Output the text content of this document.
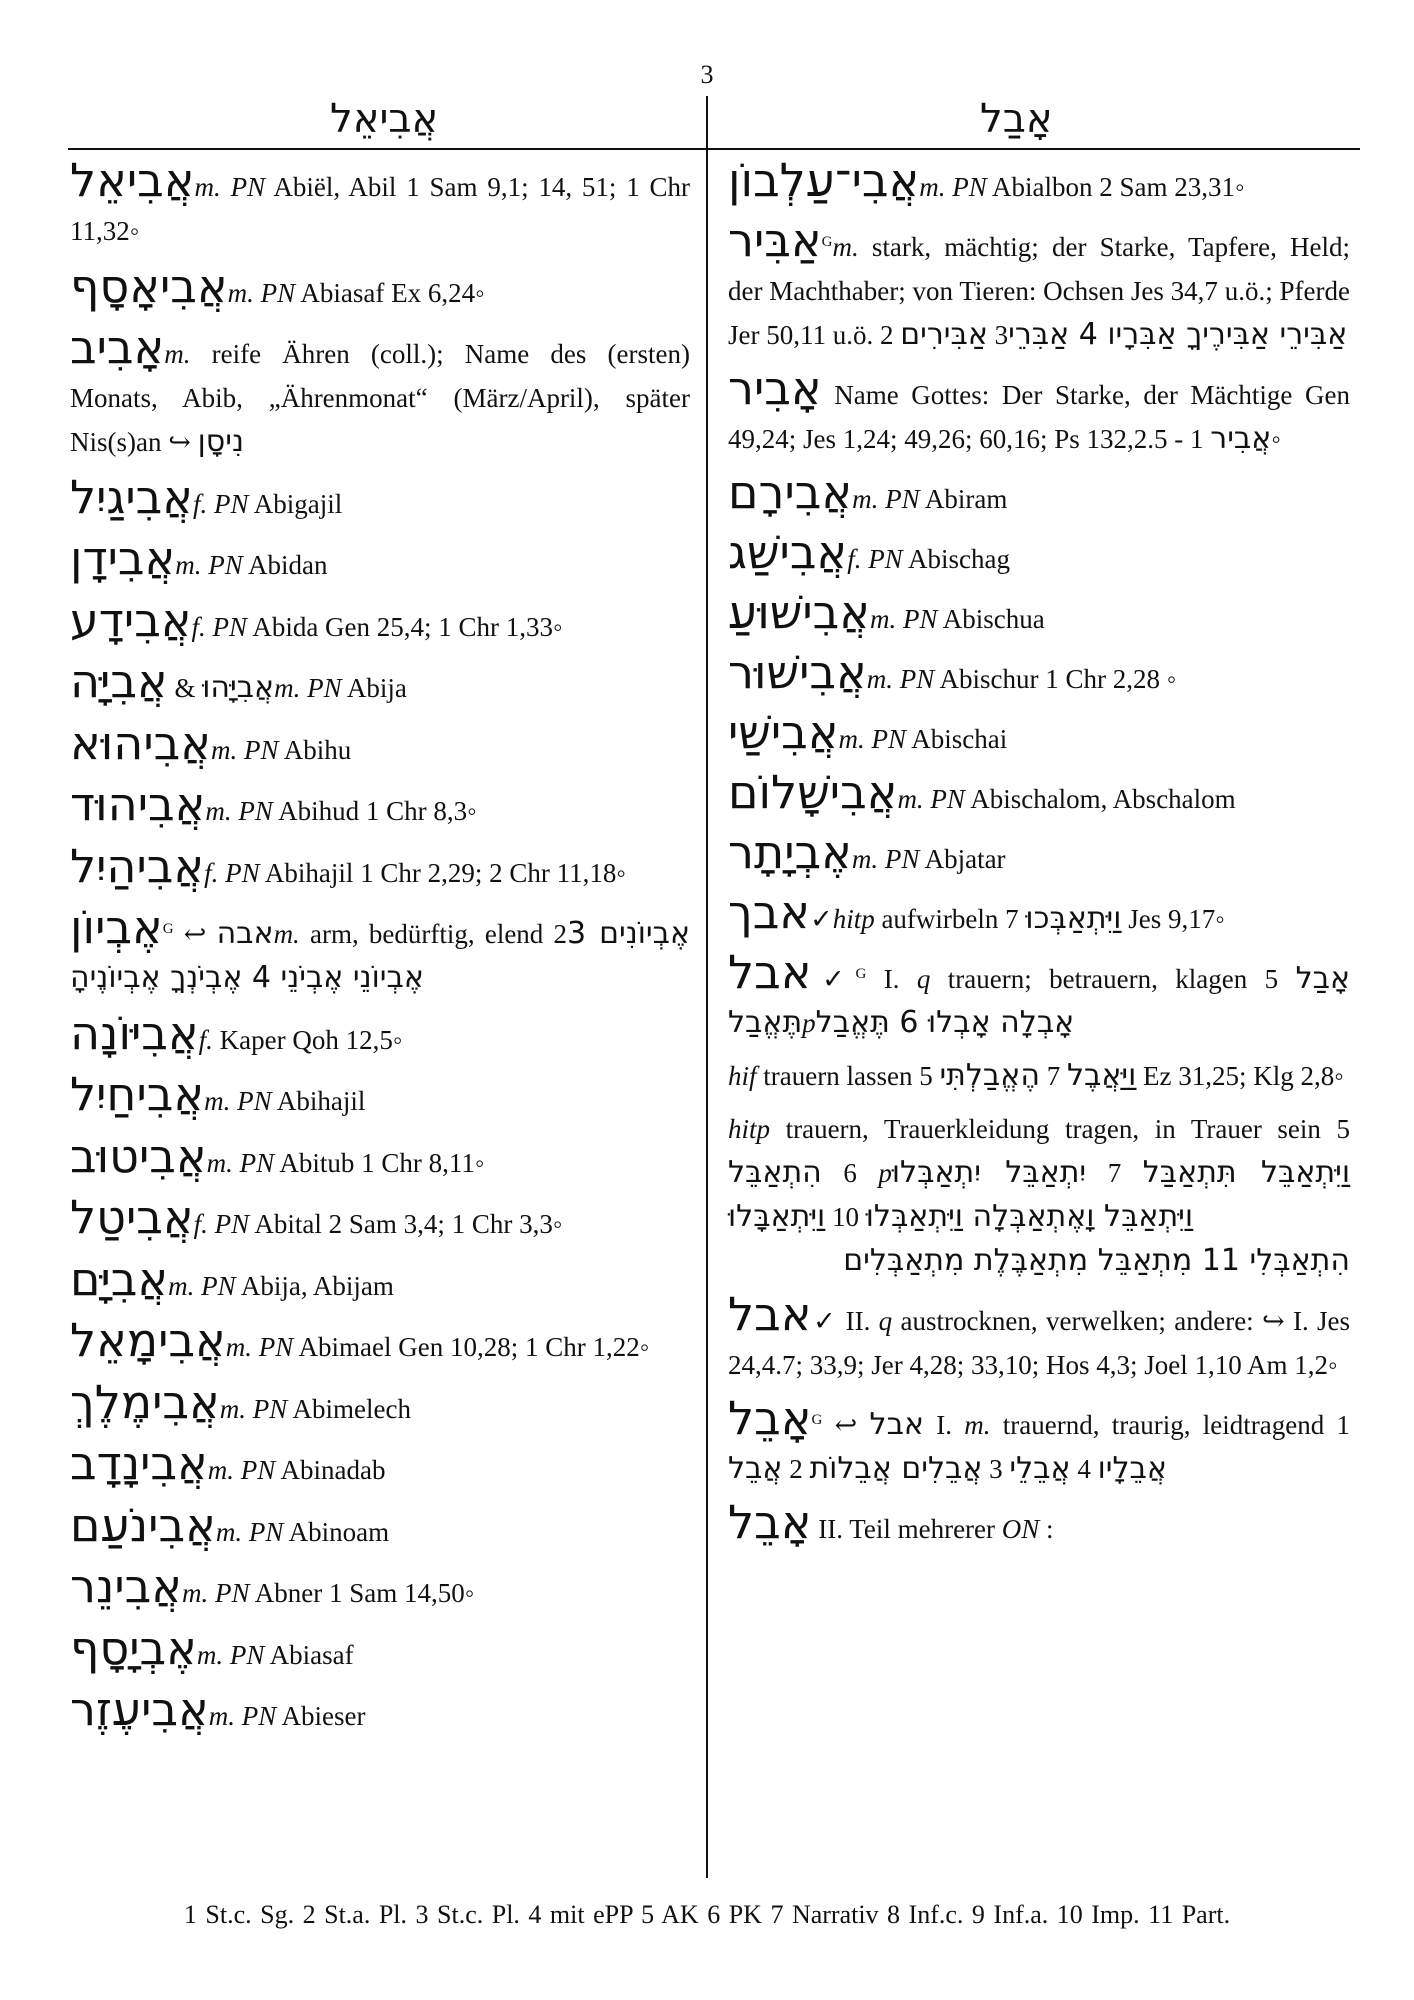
3
אֲבִיאֵל	אָבַל
אֲבִיאֵלm. PN Abiël, Abil 1 Sam 9,1; 14, 51; 1 Chr 11,32◦
אֲבִיאָסָףm. PN Abiasaf Ex 6,24◦
אָבִיבm. reife Ähren (coll.); Name des (ersten) Monats, Abib, „Ährenmonat“ (März/April), später Nis(s)an ↪ נִיסָן
אֲבִיגַיִלf. PN Abigajil
אֲבִידָןm. PN Abidan
אֲבִידָעf. PN Abida Gen 25,4; 1 Chr 1,33◦
אֲבִיָּה & אֲבִיָּהוּm. PN Abija
אֲבִיהוּאm. PN Abihu
אֲבִיהוּדm. PN Abihud 1 Chr 8,3◦
אֲבִיהַיִלf. PN Abihajil 1 Chr 2,29; 2 Chr 11,18◦
אֶבְיוֹן$^G$ ↩ אבהm. arm, bedürftig, elend 2אֶבְיוֹנִים 3 אֶבְיוֹנֵי אֶבְיֹנֵי 4 אֶבְיֹנְךָ אֶבְיוֹנֶיהָ
אֲבִיּוֹנָהf. Kaper Qoh 12,5◦
אֲבִיחַיִלm. PN Abihajil
אֲבִיטוּבm. PN Abitub 1 Chr 8,11◦
אֲבִיטַלf. PN Abital 2 Sam 3,4; 1 Chr 3,3◦
אֲבִיָּםm. PN Abija, Abijam
אֲבִימָאֵלm. PN Abimael Gen 10,28; 1 Chr 1,22◦
אֲבִימֶלֶךְm. PN Abimelech
אֲבִינָדָבm. PN Abinadab
אֲבִינֹעַםm. PN Abinoam
אֲבִינֵרm. PN Abner 1 Sam 14,50◦
אֶבְיָסָףm. PN Abiasaf
אֲבִיעֶזֶרm. PN Abieser
אֲבִי־עַלְבוֹןm. PN Abialbon 2 Sam 23,31◦
אַבִּיר$^G$m. stark, mächtig; der Starke, Tapfere, Held; der Machthaber; von Tieren: Ochsen Jes 34,7 u.ö.; Pferde Jer 50,11 u.ö. 2 אַבִּירִים 3אַבִּירֵי אַבִּירֶיךָ אַבִּרָיו 4 אַבִּרֵי
אָבִיר Name Gottes: Der Starke, der Mächtige Gen 49,24; Jes 1,24; 49,26; 60,16; Ps 132,2.5 - 1 אֲבִיר◦
אֲבִירָםm. PN Abiram
אֲבִישַׁגf. PN Abischag
אֲבִישׁוּעַm. PN Abischua
אֲבִישׁוּרm. PN Abischur 1 Chr 2,28 ◦
אֲבִישַׁיm. PN Abischai
אֲבִישָׁלוֹםm. PN Abischalom, Abschalom
אֶבְיָתָרm. PN Abjatar
אבך✓hitp aufwirbeln 7 וַיִּתְאַבְּכוּ Jes 9,17◦
אבל✓$^G$ I. q trauern; betrauern, klagen 5 אָבַל תֶּאֱבַלpאָבְלָה אָבְלוּ 6 תֶּאֱבַל
hif trauern lassen 5 הֶאֱבַלְתִּי 7 וַיַּאֲבֶל Ez 31,25; Klg 2,8◦
hitp trauern, Trauerkleidung tragen, in Trauer sein 5 הִתְאַבֵּל 6 pיִתְאַבֵּל יִתְאַבְּלוּ 7 וַיִּתְאַבֵּל תִּתְאַבַּל וַיִּתְאַבָּלוּ 10 וַיִּתְאַבֵּל וָאֶתְאַבְּלָה וַיִּתְאַבְּלוּ
הִתְאַבְּלִי 11 מִתְאַבֵּל מִתְאַבֶּלֶת מִתְאַבְּלִים
אבל✓ II. q austrocknen, verwelken; andere: ↪ I. Jes 24,4.7; 33,9; Jer 4,28; 33,10; Hos 4,3; Joel 1,10 Am 1,2◦
אָבֵל$^G$ ↩ אבל I. m. trauernd, traurig, leidtragend 1 אֲבֵל 2 אֲבֵלִים אֲבֵלוֹת 3 אֲבֵלֵי 4 אֲבֵלָיו
אָבֵל II. Teil mehrerer ON :
1 St.c. Sg. 2 St.a. Pl. 3 St.c. Pl. 4 mit ePP 5 AK 6 PK 7 Narrativ 8 Inf.c. 9 Inf.a. 10 Imp. 11 Part.
